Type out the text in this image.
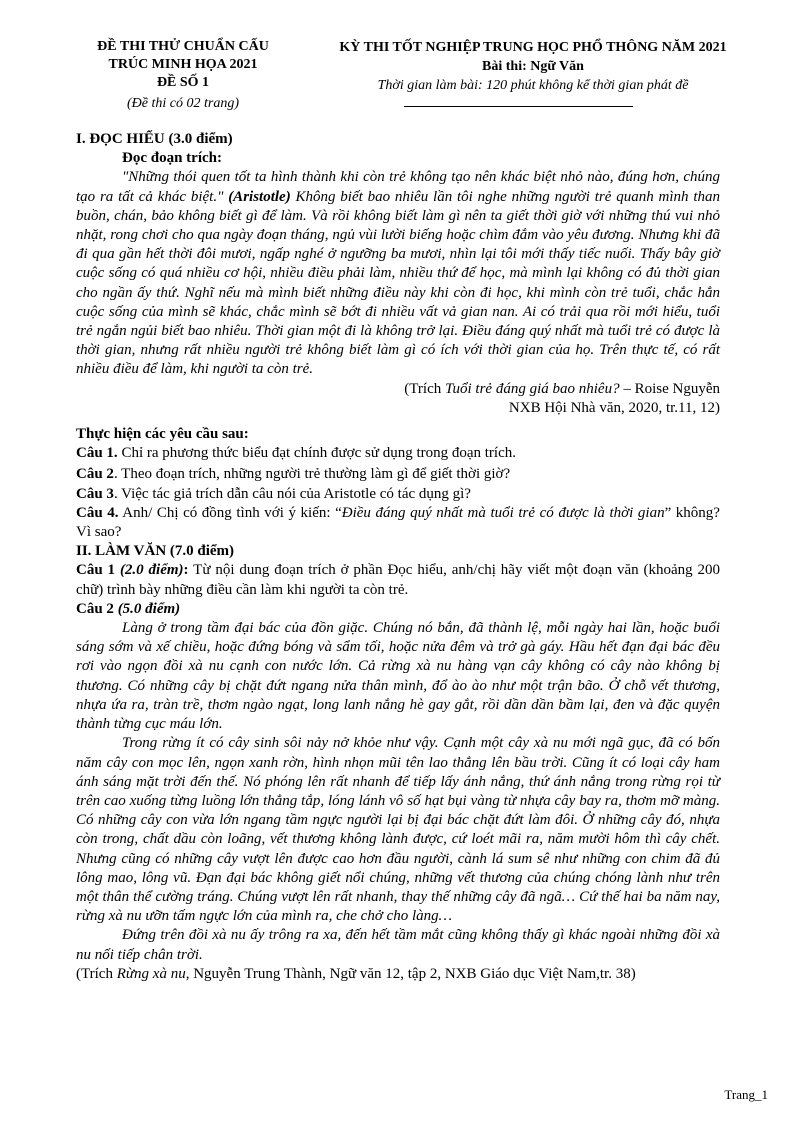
ĐỀ THI THỬ CHUẨN CẤU
TRÚC MINH HỌA 2021
ĐỀ SỐ 1
(Đề thi có 02 trang)
KỲ THI TỐT NGHIỆP TRUNG HỌC PHỔ THÔNG NĂM 2021
Bài thi: Ngữ Văn
Thời gian làm bài: 120 phút không kể thời gian phát đề

I. ĐỌC HIỂU (3.0 điểm)

Đọc đoạn trích:

"Những thói quen tốt ta hình thành khi còn trẻ không tạo nên khác biệt nhỏ nào, đúng hơn, chúng tạo ra tất cả khác biệt." (Aristotle) Không biết bao nhiêu lần tôi nghe những người trẻ quanh mình than buồn, chán, bảo không biết gì để làm. Và rồi không biết làm gì nên ta giết thời giờ với những thú vui nhỏ nhặt, rong chơi cho qua ngày đoạn tháng, ngủ vùi lười biếng hoặc chìm đắm vào yêu đương. Nhưng khi đã đi qua gần hết thời đôi mươi, ngấp nghé ở ngưỡng ba mươi, nhìn lại tôi mới thấy tiếc nuối. Thấy bây giờ cuộc sống có quá nhiều cơ hội, nhiều điều phải làm, nhiều thứ để học, mà mình lại không có đủ thời gian cho ngần ấy thứ. Nghĩ nếu mà mình biết những điều này khi còn đi học, khi mình còn trẻ tuổi, chắc hẳn cuộc sống của mình sẽ khác, chắc mình sẽ bớt đi nhiều vất vả gian nan. Ai có trải qua rồi mới hiểu, tuổi trẻ ngắn ngủi biết bao nhiêu. Thời gian một đi là không trở lại. Điều đáng quý nhất mà tuổi trẻ có được là thời gian, nhưng rất nhiều người trẻ không biết làm gì có ích với thời gian của họ. Trên thực tế, có rất nhiều điều để làm, khi người ta còn trẻ.

(Trích Tuổi trẻ đáng giá bao nhiêu? – Roise Nguyễn

NXB Hội Nhà văn, 2020, tr.11, 12)

Thực hiện các yêu cầu sau:

Câu 1. Chỉ ra phương thức biểu đạt chính được sử dụng trong đoạn trích.

Câu 2. Theo đoạn trích, những người trẻ thường làm gì để giết thời giờ?

Câu 3. Việc tác giả trích dẫn câu nói của Aristotle có tác dụng gì?

Câu 4. Anh/ Chị có đồng tình với ý kiến: “Điều đáng quý nhất mà tuổi trẻ có được là thời gian” không? Vì sao?

II. LÀM VĂN (7.0 điểm)

Câu 1 (2.0 điểm): Từ nội dung đoạn trích ở phần Đọc hiểu, anh/chị hãy viết một đoạn văn (khoảng 200 chữ) trình bày những điều cần làm khi người ta còn trẻ.

Câu 2 (5.0 điểm)

Làng ở trong tầm đại bác của đồn giặc. Chúng nó bắn, đã thành lệ, mỗi ngày hai lần, hoặc buổi sáng sớm và xế chiều, hoặc đứng bóng và sẩm tối, hoặc nửa đêm và trở gà gáy. Hầu hết đạn đại bác đều rơi vào ngọn đồi xà nu cạnh con nước lớn. Cả rừng xà nu hàng vạn cây không có cây nào không bị thương. Có những cây bị chặt đứt ngang nửa thân mình, đổ ào ào như một trận bão. Ở chỗ vết thương, nhựa ứa ra, tràn trề, thơm ngào ngạt, long lanh nắng hè gay gắt, rồi dần dần bầm lại, đen và đặc quyện thành từng cục máu lớn.

Trong rừng ít có cây sinh sôi nảy nở khỏe như vậy. Cạnh một cây xà nu mới ngã gục, đã có bốn năm cây con mọc lên, ngọn xanh rờn, hình nhọn mũi tên lao thẳng lên bầu trời. Cũng ít có loại cây ham ánh sáng mặt trời đến thế. Nó phóng lên rất nhanh để tiếp lấy ánh nắng, thứ ánh nắng trong rừng rọi từ trên cao xuống từng luồng lớn thẳng tắp, lóng lánh vô số hạt bụi vàng từ nhựa cây bay ra, thơm mỡ màng. Có những cây con vừa lớn ngang tầm ngực người lại bị đại bác chặt đứt làm đôi. Ở những cây đó, nhựa còn trong, chất dầu còn loãng, vết thương không lành được, cứ loét mãi ra, năm mười hôm thì cây chết. Nhưng cũng có những cây vượt lên được cao hơn đầu người, cành lá sum sê như những con chim đã đủ lông mao, lông vũ. Đạn đại bác không giết nổi chúng, những vết thương của chúng chóng lành như trên một thân thể cường tráng. Chúng vượt lên rất nhanh, thay thế những cây đã ngã… Cứ thế hai ba năm nay, rừng xà nu ưỡn tấm ngực lớn của mình ra, che chở cho làng…

Đứng trên đồi xà nu ấy trông ra xa, đến hết tầm mắt cũng không thấy gì khác ngoài những đồi xà nu nối tiếp chân trời.

(Trích Rừng xà nu, Nguyễn Trung Thành, Ngữ văn 12, tập 2, NXB Giáo dục Việt Nam,tr. 38)

Trang_1
